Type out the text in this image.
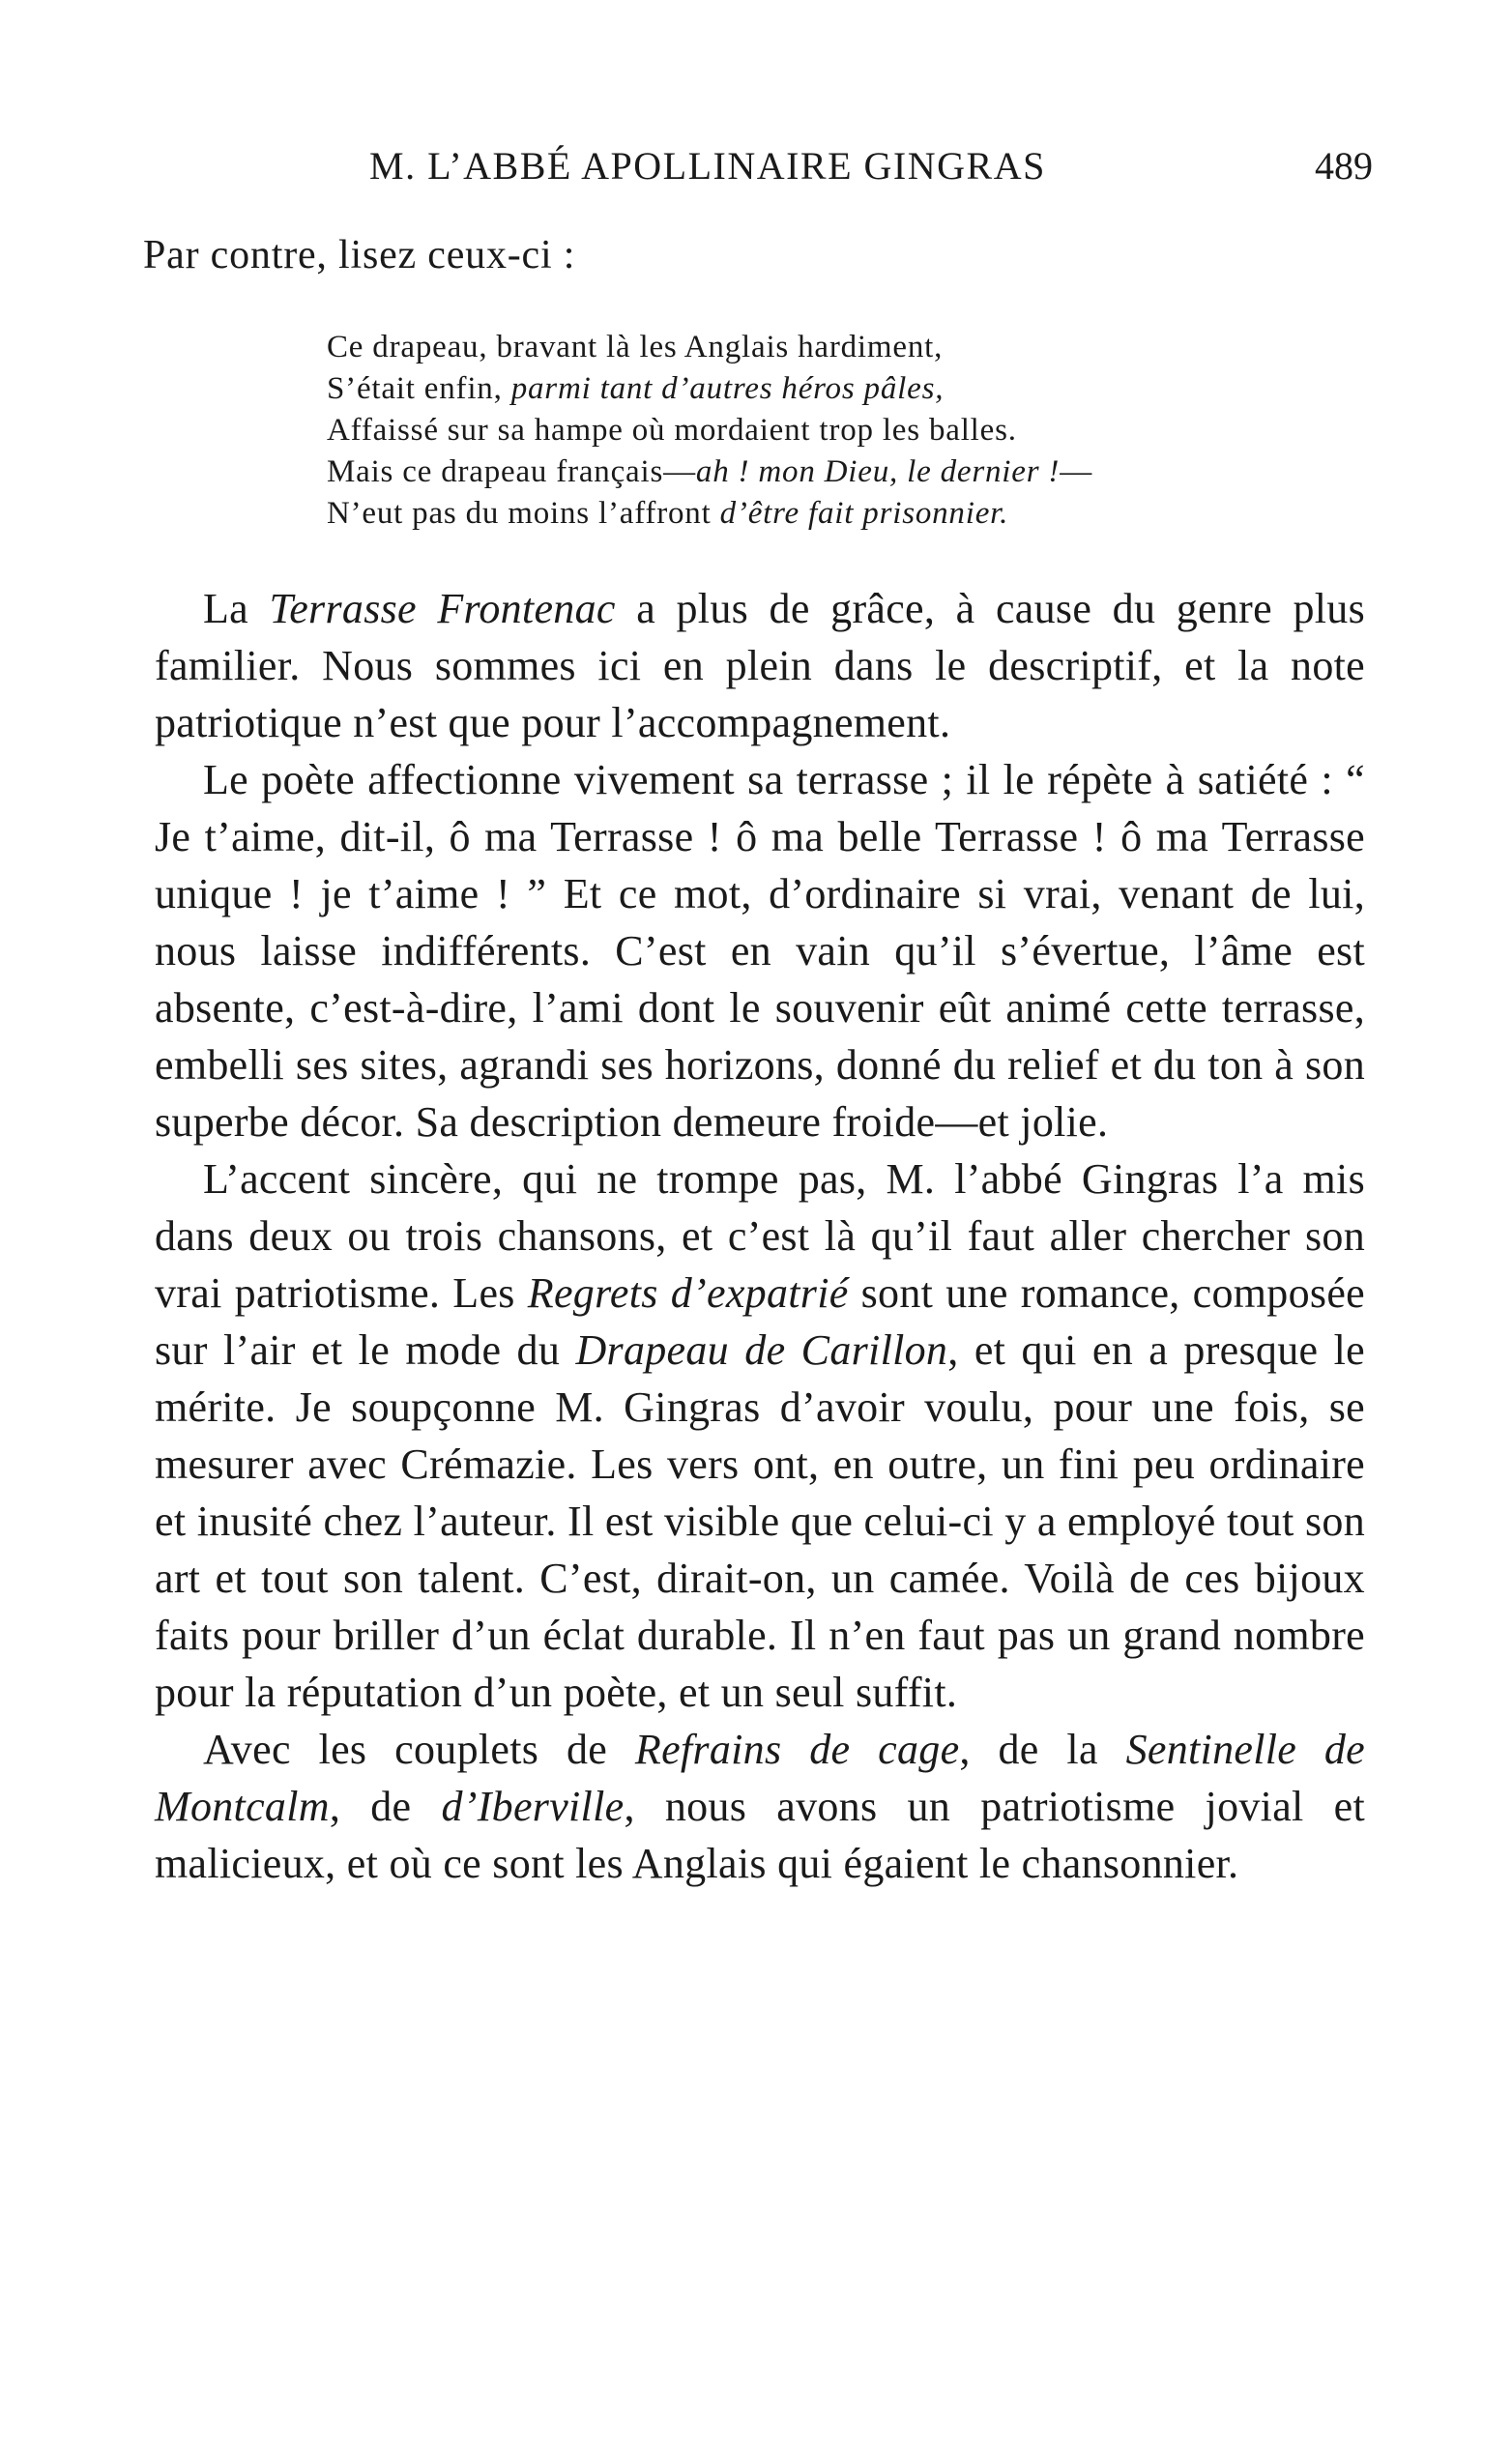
M. L’ABBÉ APOLLINAIRE GINGRAS	489
Par contre, lisez ceux-ci :
Ce drapeau, bravant là les Anglais hardiment,
S’était enfin, parmi tant d’autres héros pâles,
Affaissé sur sa hampe où mordaient trop les balles.
Mais ce drapeau français—ah ! mon Dieu, le dernier !—
N’eut pas du moins l’affront d’être fait prisonnier.

La Terrasse Frontenac a plus de grâce, à cause du genre plus familier. Nous sommes ici en plein dans le descriptif, et la note patriotique n’est que pour l’accompagnement.

Le poète affectionne vivement sa terrasse ; il le répète à satiété : “ Je t’aime, dit-il, ô ma Terrasse ! ô ma belle Terrasse ! ô ma Terrasse unique ! je t’aime ! ” Et ce mot, d’ordinaire si vrai, venant de lui, nous laisse indifférents. C’est en vain qu’il s’évertue, l’âme est absente, c’est-à-dire, l’ami dont le souvenir eût animé cette terrasse, embelli ses sites, agrandi ses horizons, donné du relief et du ton à son superbe décor. Sa description demeure froide—et jolie.

L’accent sincère, qui ne trompe pas, M. l’abbé Gingras l’a mis dans deux ou trois chansons, et c’est là qu’il faut aller chercher son vrai patriotisme. Les Regrets d’expatrié sont une romance, composée sur l’air et le mode du Drapeau de Carillon, et qui en a presque le mérite. Je soupçonne M. Gingras d’avoir voulu, pour une fois, se mesurer avec Crémazie. Les vers ont, en outre, un fini peu ordinaire et inusité chez l’auteur. Il est visible que celui-ci y a employé tout son art et tout son talent. C’est, dirait-on, un camée. Voilà de ces bijoux faits pour briller d’un éclat durable. Il n’en faut pas un grand nombre pour la réputation d’un poète, et un seul suffit.

Avec les couplets de Refrains de cage, de la Sentinelle de Montcalm, de d’Iberville, nous avons un patriotisme jovial et malicieux, et où ce sont les Anglais qui égaient le chansonnier.
